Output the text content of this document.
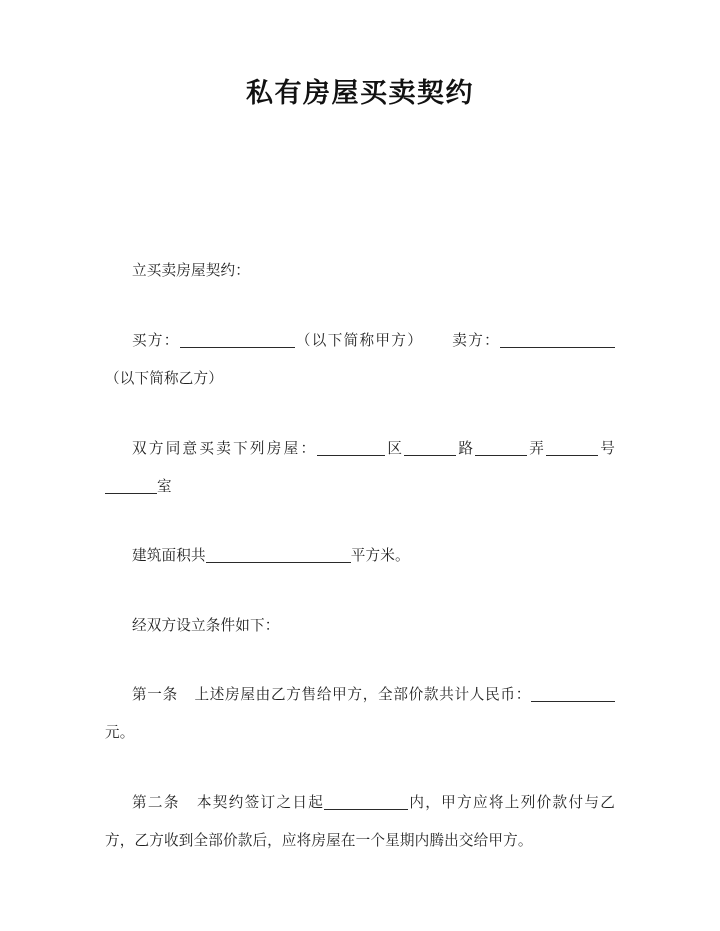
私有房屋买卖契约

立买卖房屋契约：

买方：	（以下简称甲方） 卖方：（以下简称乙方）

双方同意买卖下列房屋：	区	路	弄	号室

建筑面积共	平方米。

经双方设立条件如下：

第一条 上述房屋由乙方售给甲方，全部价款共计人民币：元。

第二条 本契约签订之日起	内，甲方应将上列价款付与乙方，乙方收到全部价款后，应将房屋在一个星期内腾出交给甲方。
